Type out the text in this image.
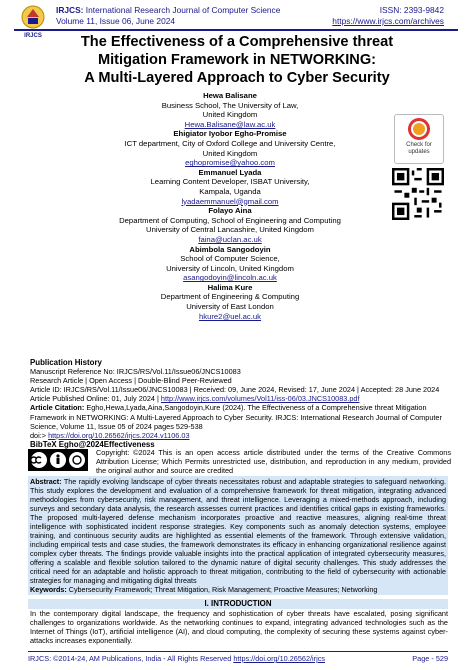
IRJCS
IRJCS: International Research Journal of Computer Science
Volume 11, Issue 06, June 2024
ISSN: 2393-9842
https://www.irjcs.com/archives
The Effectiveness of a Comprehensive threat
Mitigation Framework in NETWORKING:
A Multi-Layered Approach to Cyber Security
Hewa Balisane
Business School, The University of Law,
United Kingdom
Hewa.Balisane@law.ac.uk
Ehigiator Iyobor Egho-Promise
ICT department, City of Oxford College and University Centre,
United Kingdom
eghopromise@yahoo.com
Emmanuel Lyada
Learning Content Developer, ISBAT University,
Kampala, Uganda
lyadaemmanuel@gmail.com
Folayo Aina
Department of Computing, School of Engineering and Computing
University of Central Lancashire, United Kingdom
faina@uclan.ac.uk
Abimbola Sangodoyin
School of Computer Science,
University of Lincoln, United Kingdom
asangodoyin@lincoln.ac.uk
Halima Kure
Department of Engineering & Computing
University of East London
hkure2@uel.ac.uk
Check for
updates
Publication History
Manuscript Reference No: IRJCS/RS/Vol.11/Issue06/JNCS10083
Research Article | Open Access | Double-Blind Peer-Reviewed
Article ID: IRJCS/RS/Vol.11/Issue06/JNCS10083 | Received: 09, June 2024, Revised: 17, June 2024 | Accepted: 28 June 2024
Article Published Online: 01, July 2024 | http://www.irjcs.com/volumes/Vol11/iss-06/03.JNCS10083.pdf
Article Citation: Egho,Hewa,Lyada,Aina,Sangodoyin,Kure (2024). The Effectiveness of a Comprehensive threat Mitigation Framework in NETWORKING: A Multi-Layered Approach to Cyber Security. IRJCS: International Research Journal of Computer Science, Volume 11, Issue 05 of 2024 pages 529-538
doi:> https://doi.org/10.26562/irjcs.2024.v1106.03
BibTeX Egho@2024Effectiveness
Copyright: ©2024 This is an open access article distributed under the terms of the Creative Commons Attribution License; Which Permits unrestricted use, distribution, and reproduction in any medium, provided the original author and source are credited
Abstract: The rapidly evolving landscape of cyber threats necessitates robust and adaptable strategies to safeguard networking. This study explores the development and evaluation of a comprehensive framework for threat mitigation, integrating advanced methodologies from cybersecurity, risk management, and threat intelligence. Leveraging a mixed-methods approach, including surveys and secondary data analysis, the research assesses current practices and identifies critical gaps in existing frameworks. The proposed multi-layered defense mechanism incorporates proactive and reactive measures, aligning real-time threat intelligence with sophisticated incident response strategies. Key components such as anomaly detection systems, employee training, and continuous security audits are highlighted as essential elements of the framework. Through extensive validation, including empirical tests and case studies, the framework demonstrates its efficacy in enhancing organizational resilience against complex cyber threats. The findings provide valuable insights into the practical application of integrated cybersecurity measures, offering a scalable and flexible solution tailored to the dynamic nature of digital security challenges. This study addresses the critical need for an adaptable and holistic approach to threat mitigation, contributing to the field of cybersecurity with actionable strategies for managing and mitigating digital threats
Keywords: Cybersecurity Framework; Threat Mitigation, Risk Management; Proactive Measures; Networking
I. INTRODUCTION
In the contemporary digital landscape, the frequency and sophistication of cyber threats have escalated, posing significant challenges to organizations worldwide. As the networking continues to expand, integrating advanced technologies such as the Internet of Things (IoT), artificial intelligence (AI), and cloud computing, the complexity of securing these systems against cyber-attacks increases exponentially.
IRJCS: ©2014-24, AM Publications, India - All Rights Reserved https://doi.org/10.26562/irjcs	Page - 529
